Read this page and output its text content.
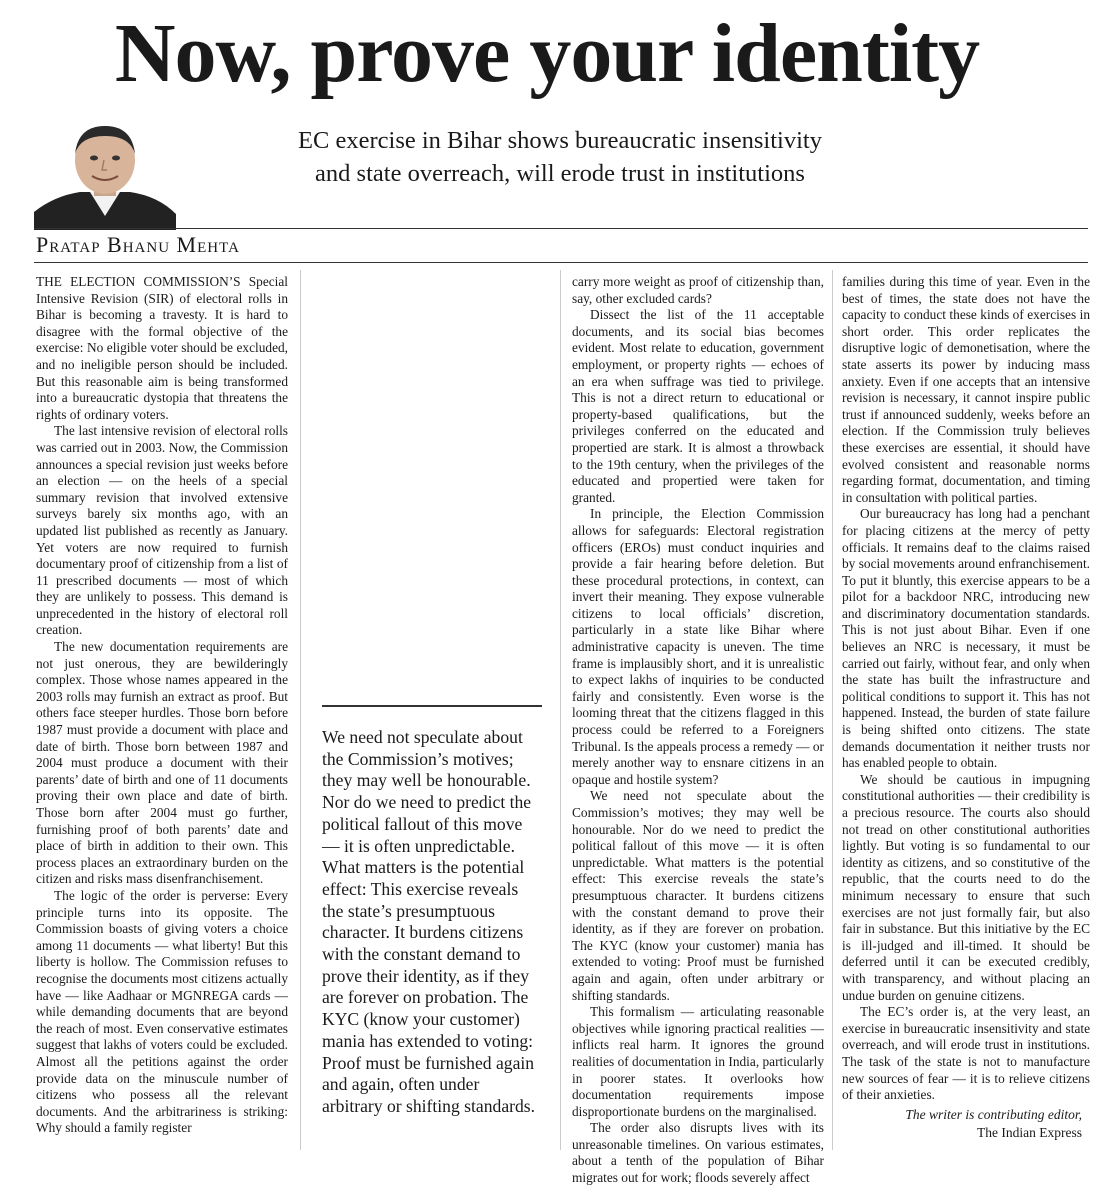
Now, prove your identity
EC exercise in Bihar shows bureaucratic insensitivity
and state overreach, will erode trust in institutions
Pratap Bhanu Mehta

THE ELECTION COMMISSION’S Special Intensive Revision (SIR) of electoral rolls in Bihar is becoming a travesty. It is hard to disagree with the formal objective of the exercise: No eligible voter should be excluded, and no ineligible person should be included. But this reasonable aim is being transformed into a bureaucratic dystopia that threatens the rights of ordinary voters.

The last intensive revision of electoral rolls was carried out in 2003. Now, the Commission announces a special revision just weeks before an election — on the heels of a special summary revision that involved extensive surveys barely six months ago, with an updated list published as recently as January. Yet voters are now required to furnish documentary proof of citizenship from a list of 11 prescribed documents — most of which they are unlikely to possess. This demand is unprecedented in the history of electoral roll creation.

The new documentation requirements are not just onerous, they are bewilderingly complex. Those whose names appeared in the 2003 rolls may furnish an extract as proof. But others face steeper hurdles. Those born before 1987 must provide a document with place and date of birth. Those born between 1987 and 2004 must produce a document with their parents’ date of birth and one of 11 documents proving their own place and date of birth. Those born after 2004 must go further, furnishing proof of both parents’ date and place of birth in addition to their own. This process places an extraordinary burden on the citizen and risks mass disenfranchisement.

The logic of the order is perverse: Every principle turns into its opposite. The Commission boasts of giving voters a choice among 11 documents — what liberty! But this liberty is hollow. The Commission refuses to recognise the documents most citizens actually have — like Aadhaar or MGNREGA cards — while demanding documents that are beyond the reach of most. Even conservative estimates suggest that lakhs of voters could be excluded. Almost all the petitions against the order provide data on the minuscule number of citizens who possess all the relevant documents. And the arbitrariness is striking: Why should a family register

We need not speculate about the Commission’s motives; they may well be honourable. Nor do we need to predict the political fallout of this move — it is often unpredictable. What matters is the potential effect: This exercise reveals the state’s presumptuous character. It burdens citizens with the constant demand to prove their identity, as if they are forever on probation. The KYC (know your customer) mania has extended to voting: Proof must be furnished again and again, often under arbitrary or shifting standards.

carry more weight as proof of citizenship than, say, other excluded cards?

Dissect the list of the 11 acceptable documents, and its social bias becomes evident. Most relate to education, government employment, or property rights — echoes of an era when suffrage was tied to privilege. This is not a direct return to educational or property-based qualifications, but the privileges conferred on the educated and propertied are stark. It is almost a throwback to the 19th century, when the privileges of the educated and propertied were taken for granted.

In principle, the Election Commission allows for safeguards: Electoral registration officers (EROs) must conduct inquiries and provide a fair hearing before deletion. But these procedural protections, in context, can invert their meaning. They expose vulnerable citizens to local officials’ discretion, particularly in a state like Bihar where administrative capacity is uneven. The time frame is implausibly short, and it is unrealistic to expect lakhs of inquiries to be conducted fairly and consistently. Even worse is the looming threat that the citizens flagged in this process could be referred to a Foreigners Tribunal. Is the appeals process a remedy — or merely another way to ensnare citizens in an opaque and hostile system?

We need not speculate about the Commission’s motives; they may well be honourable. Nor do we need to predict the political fallout of this move — it is often unpredictable. What matters is the potential effect: This exercise reveals the state’s presumptuous character. It burdens citizens with the constant demand to prove their identity, as if they are forever on probation. The KYC (know your customer) mania has extended to voting: Proof must be furnished again and again, often under arbitrary or shifting standards.

This formalism — articulating reasonable objectives while ignoring practical realities — inflicts real harm. It ignores the ground realities of documentation in India, particularly in poorer states. It overlooks how documentation requirements impose disproportionate burdens on the marginalised.

The order also disrupts lives with its unreasonable timelines. On various estimates, about a tenth of the population of Bihar migrates out for work; floods severely affect

families during this time of year. Even in the best of times, the state does not have the capacity to conduct these kinds of exercises in short order. This order replicates the disruptive logic of demonetisation, where the state asserts its power by inducing mass anxiety. Even if one accepts that an intensive revision is necessary, it cannot inspire public trust if announced suddenly, weeks before an election. If the Commission truly believes these exercises are essential, it should have evolved consistent and reasonable norms regarding format, documentation, and timing in consultation with political parties.

Our bureaucracy has long had a penchant for placing citizens at the mercy of petty officials. It remains deaf to the claims raised by social movements around enfranchisement. To put it bluntly, this exercise appears to be a pilot for a backdoor NRC, introducing new and discriminatory documentation standards. This is not just about Bihar. Even if one believes an NRC is necessary, it must be carried out fairly, without fear, and only when the state has built the infrastructure and political conditions to support it. This has not happened. Instead, the burden of state failure is being shifted onto citizens. The state demands documentation it neither trusts nor has enabled people to obtain.

We should be cautious in impugning constitutional authorities — their credibility is a precious resource. The courts also should not tread on other constitutional authorities lightly. But voting is so fundamental to our identity as citizens, and so constitutive of the republic, that the courts need to do the minimum necessary to ensure that such exercises are not just formally fair, but also fair in substance. But this initiative by the EC is ill-judged and ill-timed. It should be deferred until it can be executed credibly, with transparency, and without placing an undue burden on genuine citizens.

The EC’s order is, at the very least, an exercise in bureaucratic insensitivity and state overreach, and will erode trust in institutions. The task of the state is not to manufacture new sources of fear — it is to relieve citizens of their anxieties.

The writer is contributing editor,
The Indian Express
